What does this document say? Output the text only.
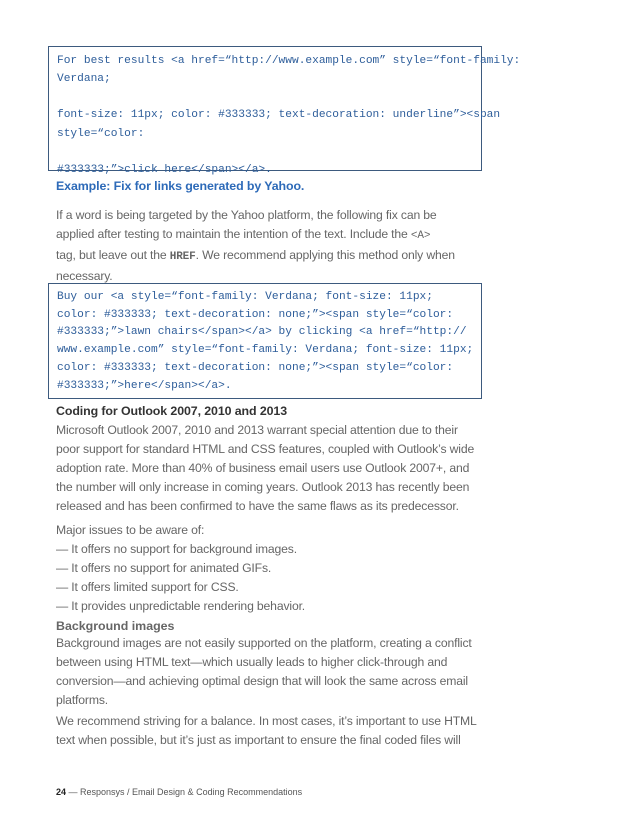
For best results <a href=“http://www.example.com” style=“font-family:
Verdana;
font-size: 11px; color: #333333; text-decoration: underline”><span
style=“color:
#333333;”>click here</span></a>.
Example: Fix for links generated by Yahoo.
If a word is being targeted by the Yahoo platform, the following fix can be
applied after testing to maintain the intention of the text. Include the <A>
tag, but leave out the HREF. We recommend applying this method only when
necessary.
Buy our <a style=“font-family: Verdana; font-size: 11px;
color: #333333; text-decoration: none;”><span style=“color:
#333333;”>lawn chairs</span></a> by clicking <a href=“http://
www.example.com” style=“font-family: Verdana; font-size: 11px;
color: #333333; text-decoration: none;”><span style=“color:
#333333;”>here</span></a>.
Coding for Outlook 2007, 2010 and 2013
Microsoft Outlook 2007, 2010 and 2013 warrant special attention due to their
poor support for standard HTML and CSS features, coupled with Outlook’s wide
adoption rate. More than 40% of business email users use Outlook 2007+, and
the number will only increase in coming years. Outlook 2013 has recently been
released and has been confirmed to have the same flaws as its predecessor.
Major issues to be aware of:
— It offers no support for background images.
— It offers no support for animated GIFs.
— It offers limited support for CSS.
— It provides unpredictable rendering behavior.
Background images
Background images are not easily supported on the platform, creating a conflict
between using HTML text—which usually leads to higher click-through and
conversion—and achieving optimal design that will look the same across email
platforms.
We recommend striving for a balance. In most cases, it’s important to use HTML
text when possible, but it’s just as important to ensure the final coded files will
24 — Responsys / Email Design & Coding Recommendations
